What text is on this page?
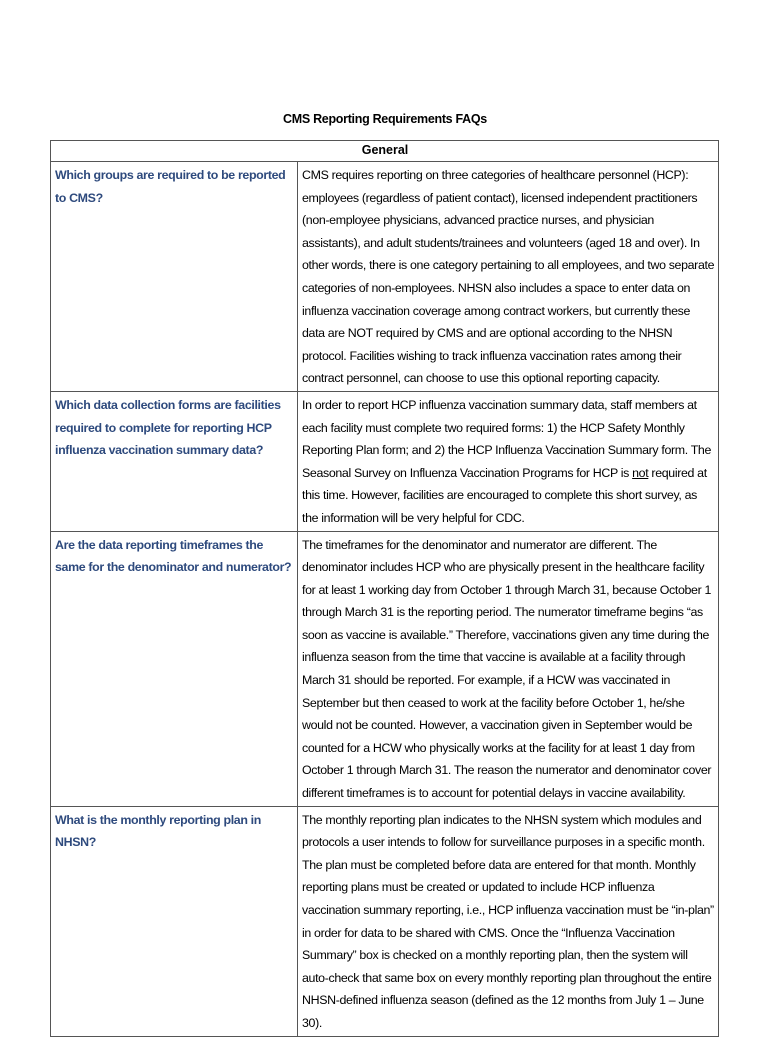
CMS Reporting Requirements FAQs
General	
Which groups are required to be reported to CMS?	CMS requires reporting on three categories of healthcare personnel (HCP): employees (regardless of patient contact), licensed independent practitioners (non-employee physicians, advanced practice nurses, and physician assistants), and adult students/trainees and volunteers (aged 18 and over). In other words, there is one category pertaining to all employees, and two separate categories of non-employees. NHSN also includes a space to enter data on influenza vaccination coverage among contract workers, but currently these data are NOT required by CMS and are optional according to the NHSN protocol. Facilities wishing to track influenza vaccination rates among their contract personnel, can choose to use this optional reporting capacity.
Which data collection forms are facilities required to complete for reporting HCP influenza vaccination summary data?	In order to report HCP influenza vaccination summary data, staff members at each facility must complete two required forms: 1) the HCP Safety Monthly Reporting Plan form; and 2) the HCP Influenza Vaccination Summary form. The Seasonal Survey on Influenza Vaccination Programs for HCP is not required at this time. However, facilities are encouraged to complete this short survey, as the information will be very helpful for CDC.
Are the data reporting timeframes the same for the denominator and numerator?	The timeframes for the denominator and numerator are different. The denominator includes HCP who are physically present in the healthcare facility for at least 1 working day from October 1 through March 31, because October 1 through March 31 is the reporting period. The numerator timeframe begins “as soon as vaccine is available.” Therefore, vaccinations given any time during the influenza season from the time that vaccine is available at a facility through March 31 should be reported. For example, if a HCW was vaccinated in September but then ceased to work at the facility before October 1, he/she would not be counted. However, a vaccination given in September would be counted for a HCW who physically works at the facility for at least 1 day from October 1 through March 31. The reason the numerator and denominator cover different timeframes is to account for potential delays in vaccine availability.
What is the monthly reporting plan in NHSN?	The monthly reporting plan indicates to the NHSN system which modules and protocols a user intends to follow for surveillance purposes in a specific month. The plan must be completed before data are entered for that month. Monthly reporting plans must be created or updated to include HCP influenza vaccination summary reporting, i.e., HCP influenza vaccination must be “in-plan” in order for data to be shared with CMS. Once the “Influenza Vaccination Summary” box is checked on a monthly reporting plan, then the system will auto-check that same box on every monthly reporting plan throughout the entire NHSN-defined influenza season (defined as the 12 months from July 1 – June 30).
